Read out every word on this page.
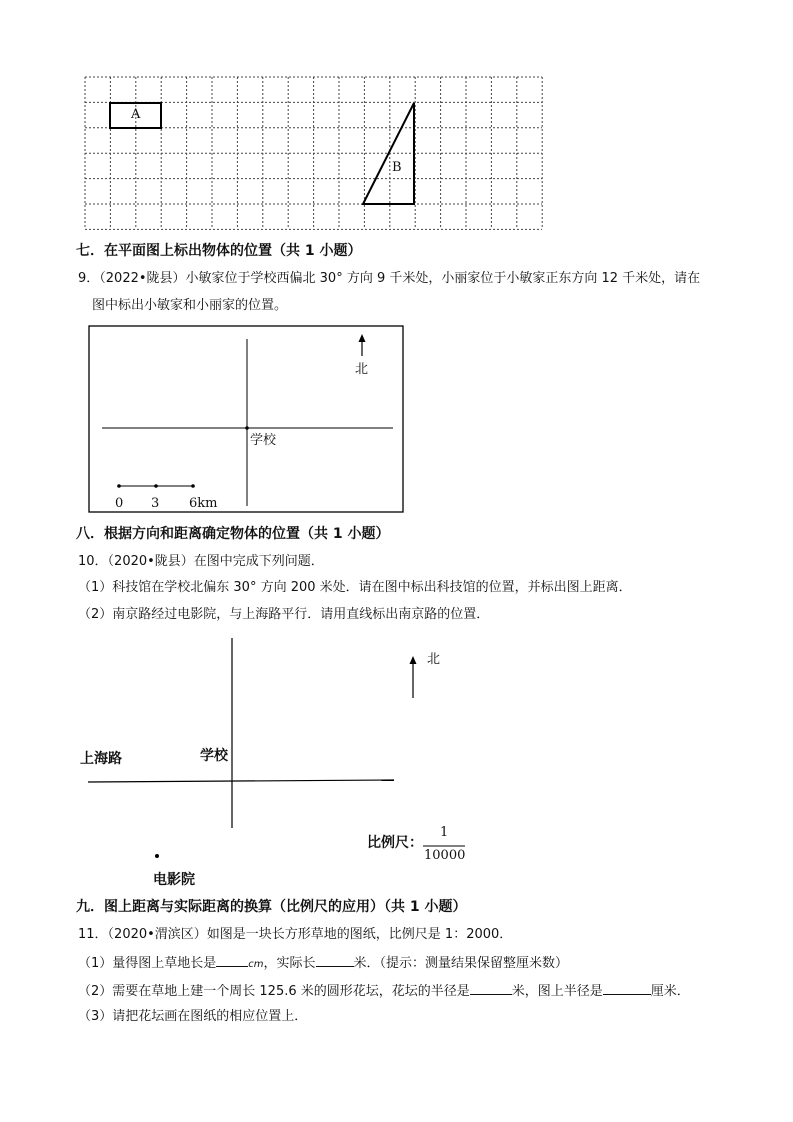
A
B
七．在平面图上标出物体的位置（共 1 小题）
9．（2022•陇县）小敏家位于学校西偏北 30° 方向 9 千米处，小丽家位于小敏家正东方向 12 千米处，请在
图中标出小敏家和小丽家的位置。
北
学校
0 3 6km
八．根据方向和距离确定物体的位置（共 1 小题）
10．（2020•陇县）在图中完成下列问题．
（1）科技馆在学校北偏东 30° 方向 200 米处．请在图中标出科技馆的位置，并标出图上距离．
（2）南京路经过电影院，与上海路平行．请用直线标出南京路的位置．
北
上海路	学校
比例尺：
1
10000
电影院
九．图上距离与实际距离的换算（比例尺的应用）（共 1 小题）
11．（2020•渭滨区）如图是一块长方形草地的图纸，比例尺是 1：2000．
（1）量得图上草地长是	cm，实际长	米．（提示：测量结果保留整厘米数）
（2）需要在草地上建一个周长 125.6 米的圆形花坛，花坛的半径是	米，图上半径是	厘米．
（3）请把花坛画在图纸的相应位置上．
